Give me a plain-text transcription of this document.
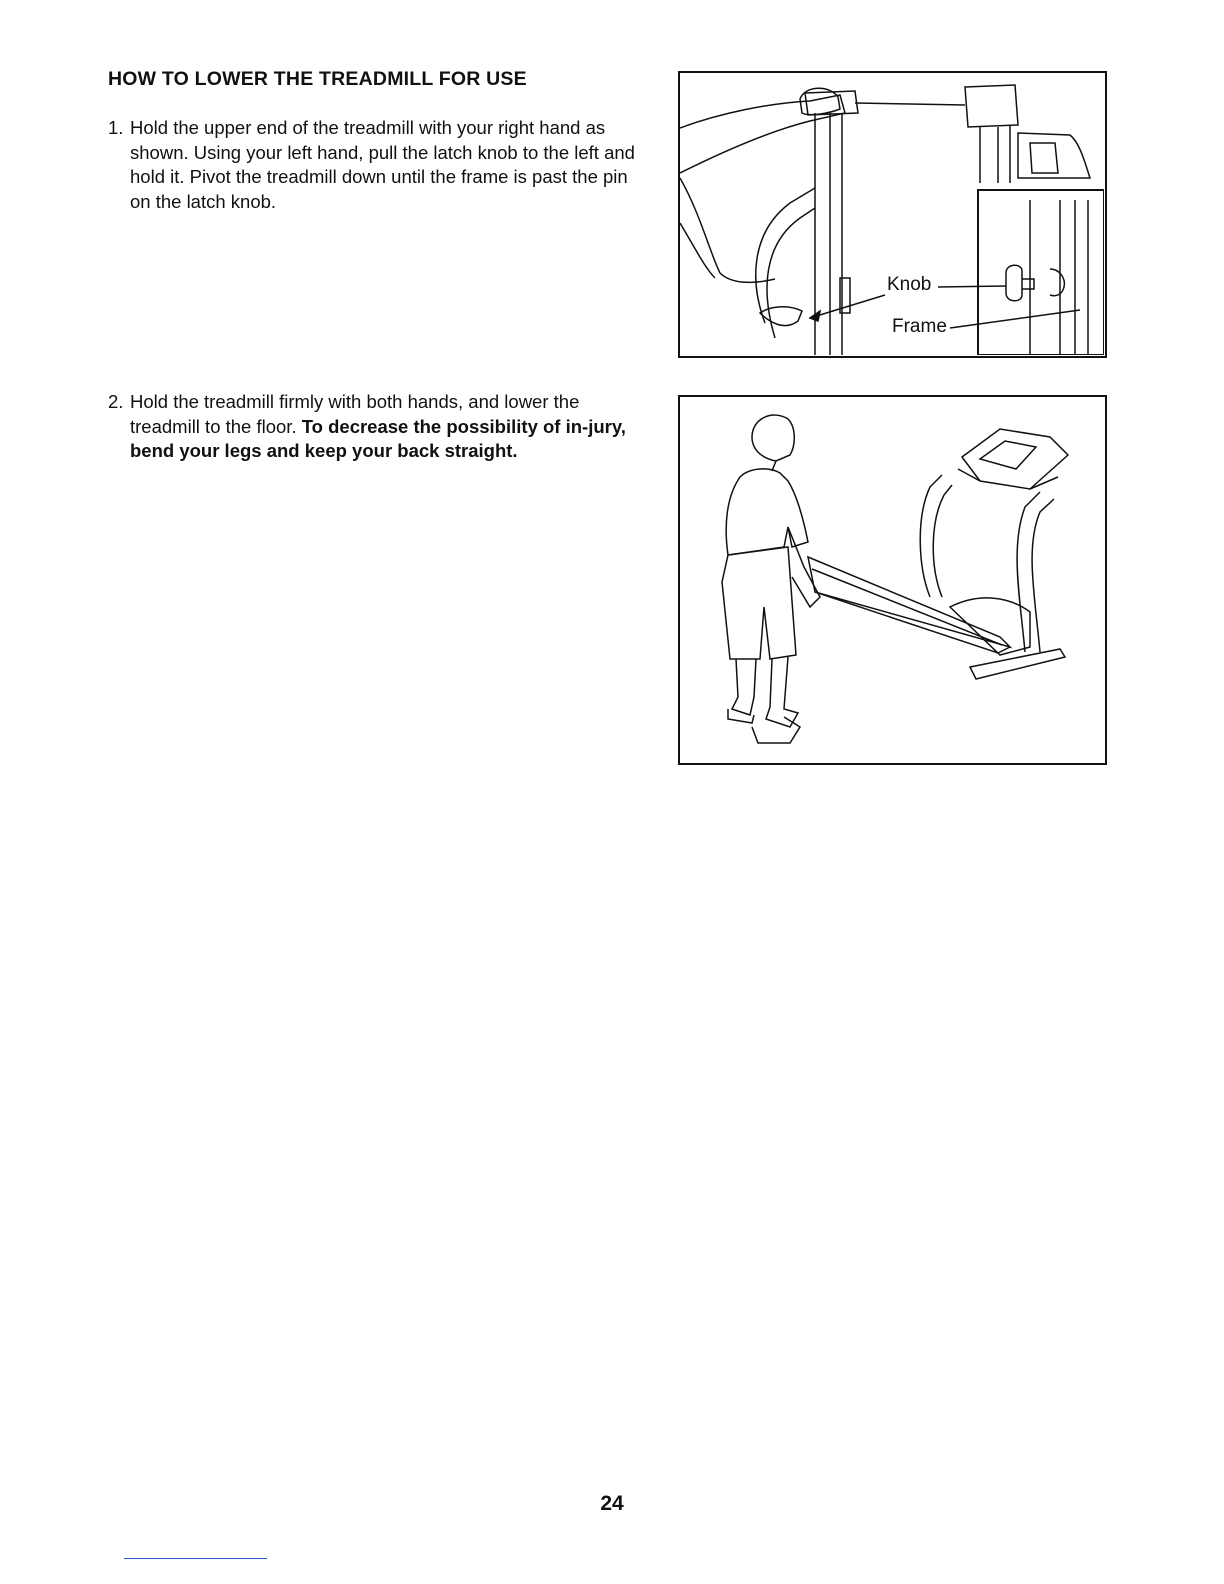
HOW TO LOWER THE TREADMILL FOR USE
1. Hold the upper end of the treadmill with your right hand as shown. Using your left hand, pull the latch knob to the left and hold it. Pivot the treadmill down until the frame is past the pin on the latch knob.
2. Hold the treadmill firmly with both hands, and lower the treadmill to the floor. To decrease the possibility of in-jury, bend your legs and keep your back straight.
Knob
Frame
24
